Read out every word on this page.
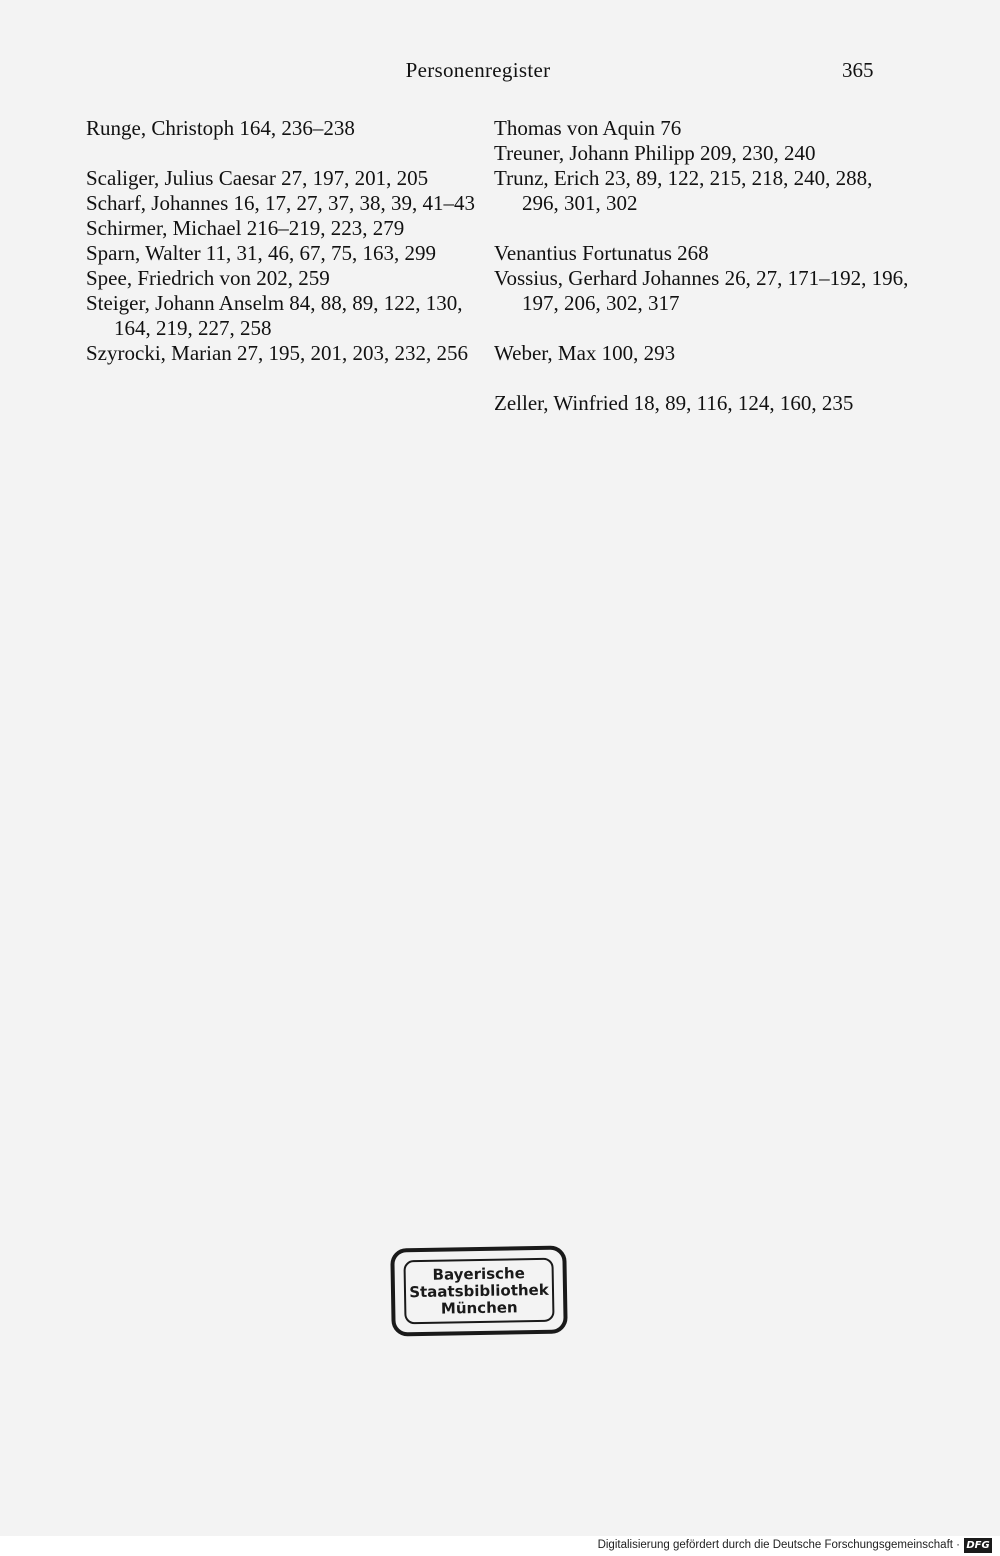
Personenregister	365

Runge, Christoph 164, 236–238

Scaliger, Julius Caesar 27, 197, 201, 205

Scharf, Johannes 16, 17, 27, 37, 38, 39, 41–43

Schirmer, Michael 216–219, 223, 279

Sparn, Walter 11, 31, 46, 67, 75, 163, 299

Spee, Friedrich von 202, 259

Steiger, Johann Anselm 84, 88, 89, 122, 130, 164, 219, 227, 258

Szyrocki, Marian 27, 195, 201, 203, 232, 256

Thomas von Aquin 76

Treuner, Johann Philipp 209, 230, 240

Trunz, Erich 23, 89, 122, 215, 218, 240, 288, 296, 301, 302

Venantius Fortunatus 268

Vossius, Gerhard Johannes 26, 27, 171–192, 196, 197, 206, 302, 317

Weber, Max 100, 293

Zeller, Winfried 18, 89, 116, 124, 160, 235

Bayerische
Staatsbibliothek
München
Digitalisierung gefördert durch die Deutsche Forschungsgemeinschaft · DFG
